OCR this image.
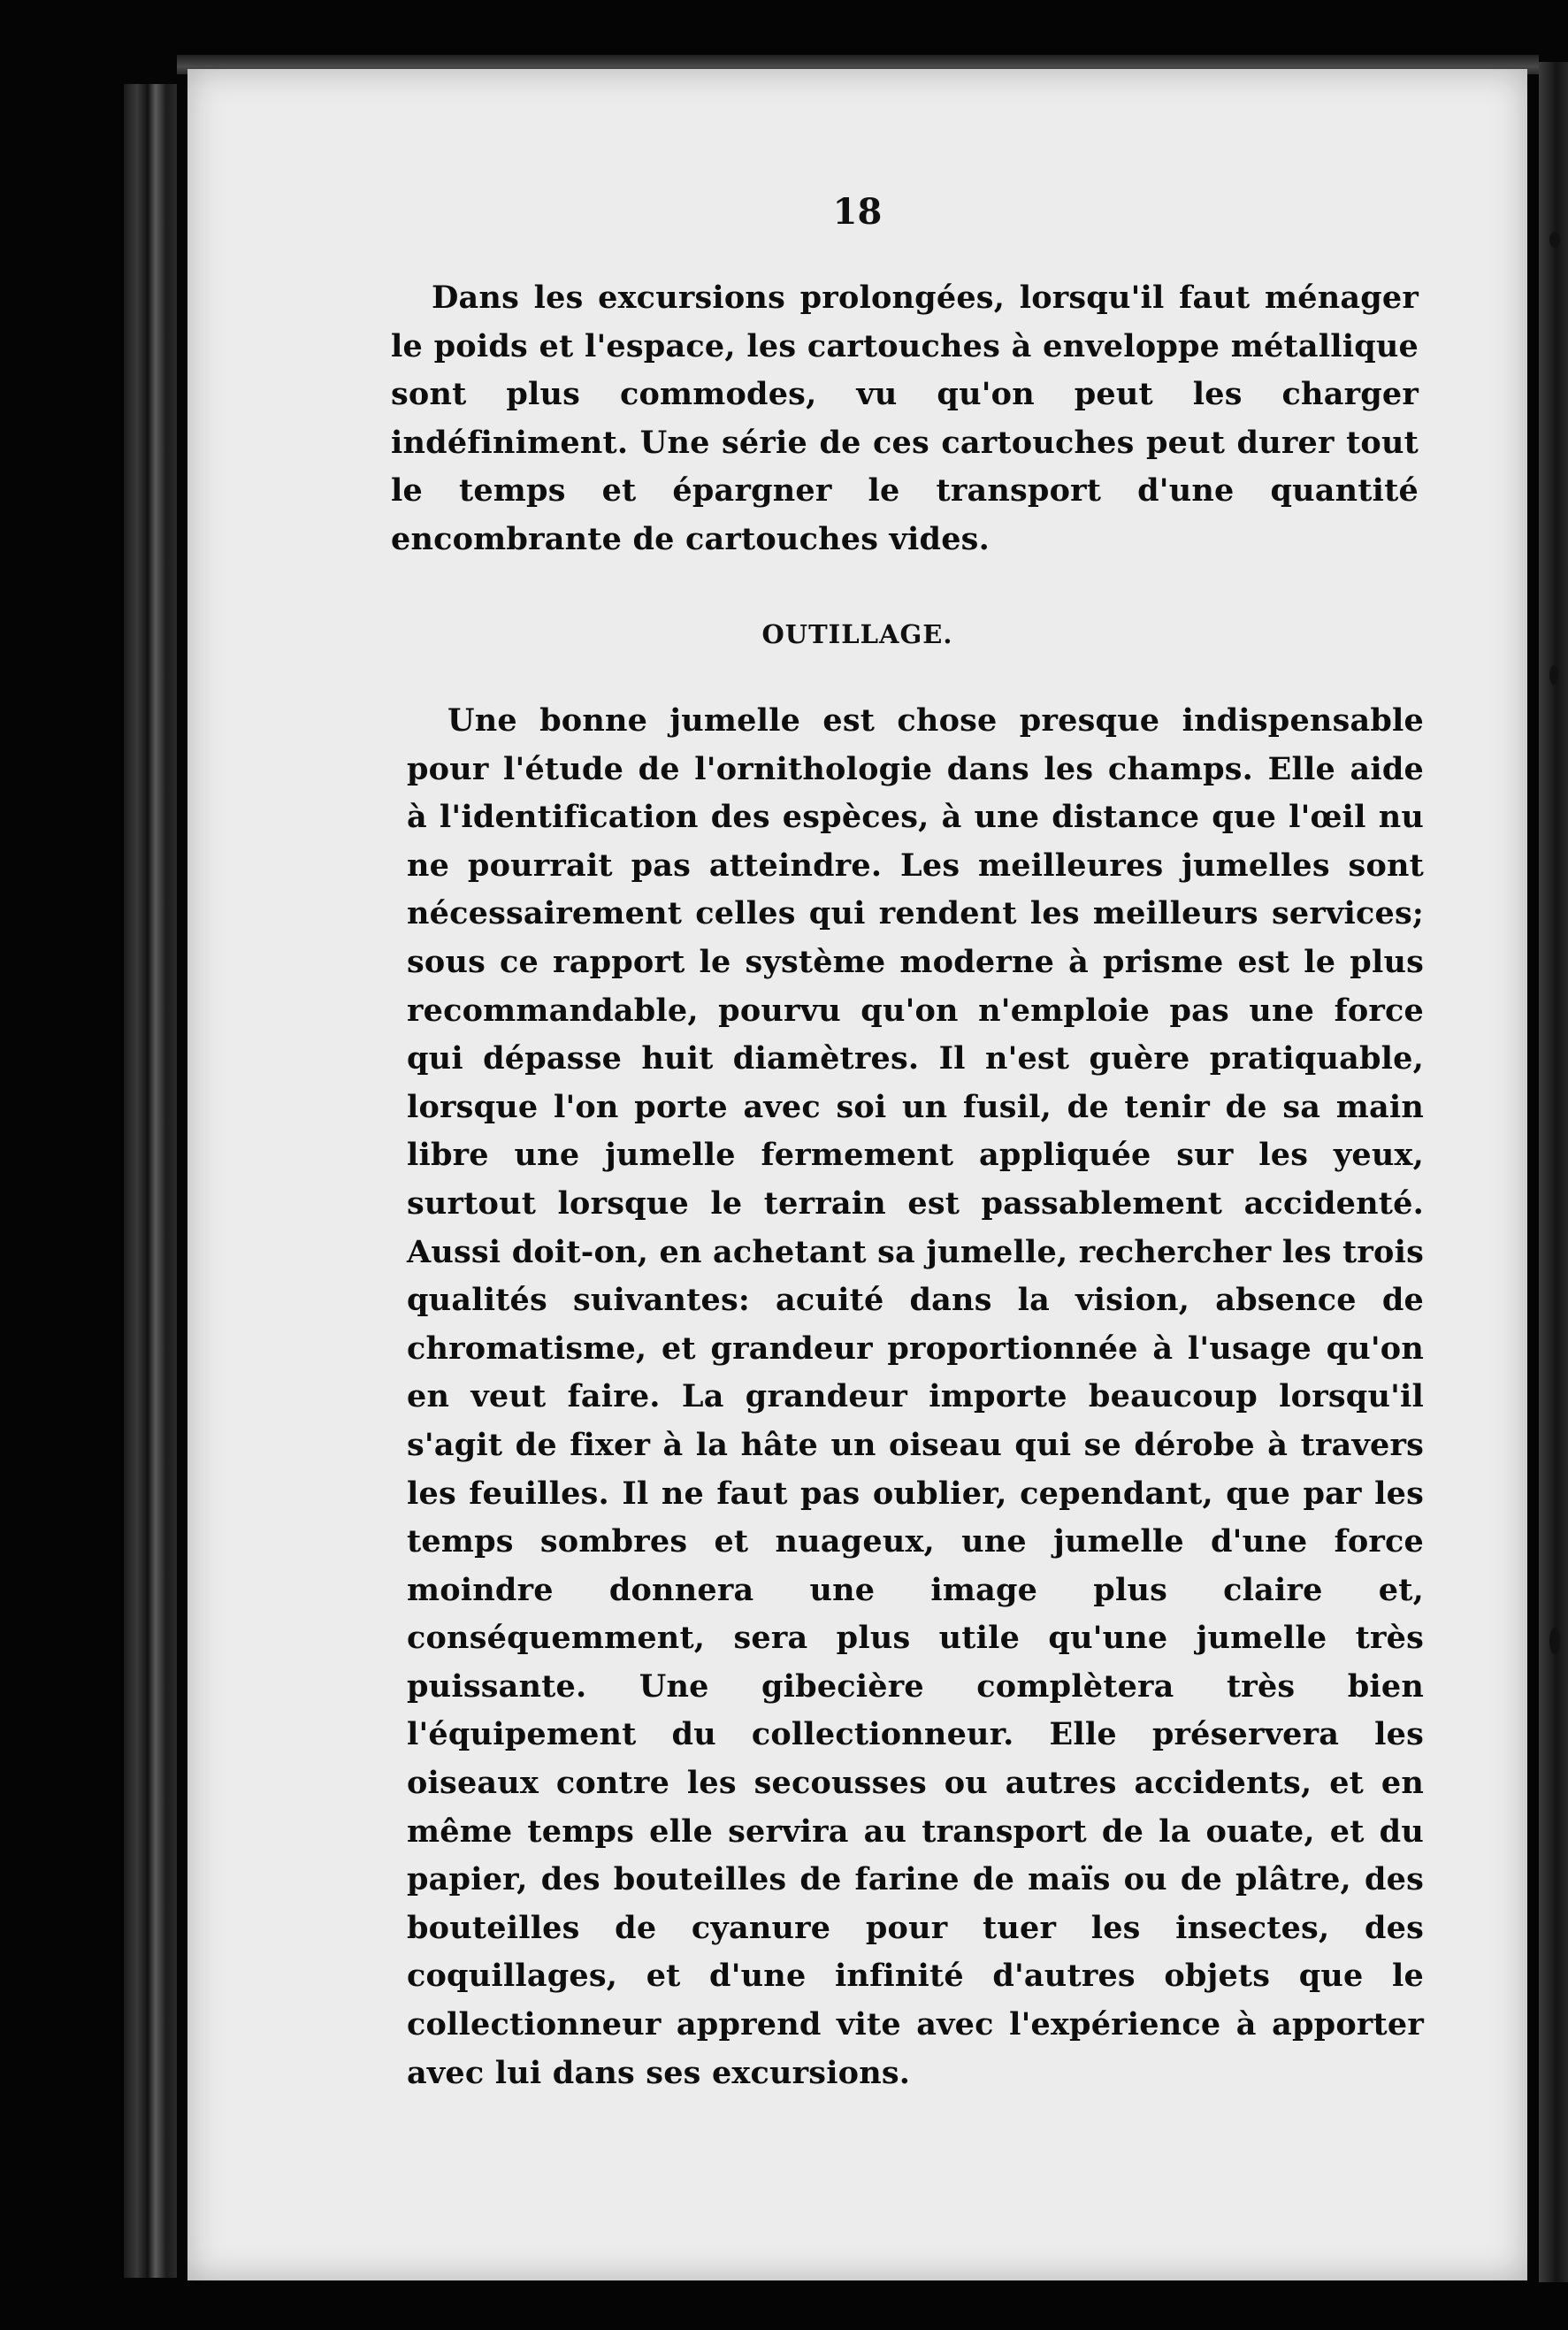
18

Dans les excursions prolongées, lorsqu'il faut ménager le poids et l'espace, les cartouches à enveloppe métallique sont plus commodes, vu qu'on peut les charger indéfiniment. Une série de ces cartouches peut durer tout le temps et épargner le transport d'une quantité encombrante de cartouches vides.

OUTILLAGE.

Une bonne jumelle est chose presque indispensable pour l'étude de l'ornithologie dans les champs. Elle aide à l'identification des espèces, à une distance que l'œil nu ne pourrait pas atteindre. Les meilleures jumelles sont nécessairement celles qui rendent les meilleurs services; sous ce rapport le système moderne à prisme est le plus recommandable, pourvu qu'on n'emploie pas une force qui dépasse huit diamètres. Il n'est guère pratiquable, lorsque l'on porte avec soi un fusil, de tenir de sa main libre une jumelle fermement appliquée sur les yeux, surtout lorsque le terrain est passablement accidenté. Aussi doit-on, en achetant sa jumelle, rechercher les trois qualités suivantes: acuité dans la vision, absence de chromatisme, et grandeur proportionnée à l'usage qu'on en veut faire. La grandeur importe beaucoup lorsqu'il s'agit de fixer à la hâte un oiseau qui se dérobe à travers les feuilles. Il ne faut pas oublier, cependant, que par les temps sombres et nuageux, une jumelle d'une force moindre donnera une image plus claire et, conséquemment, sera plus utile qu'une jumelle très puissante. Une gibecière complètera très bien l'équipement du collectionneur. Elle préservera les oiseaux contre les secousses ou autres accidents, et en même temps elle servira au transport de la ouate, et du papier, des bouteilles de farine de maïs ou de plâtre, des bouteilles de cyanure pour tuer les insectes, des coquillages, et d'une infinité d'autres objets que le collectionneur apprend vite avec l'expérience à apporter avec lui dans ses excursions.
